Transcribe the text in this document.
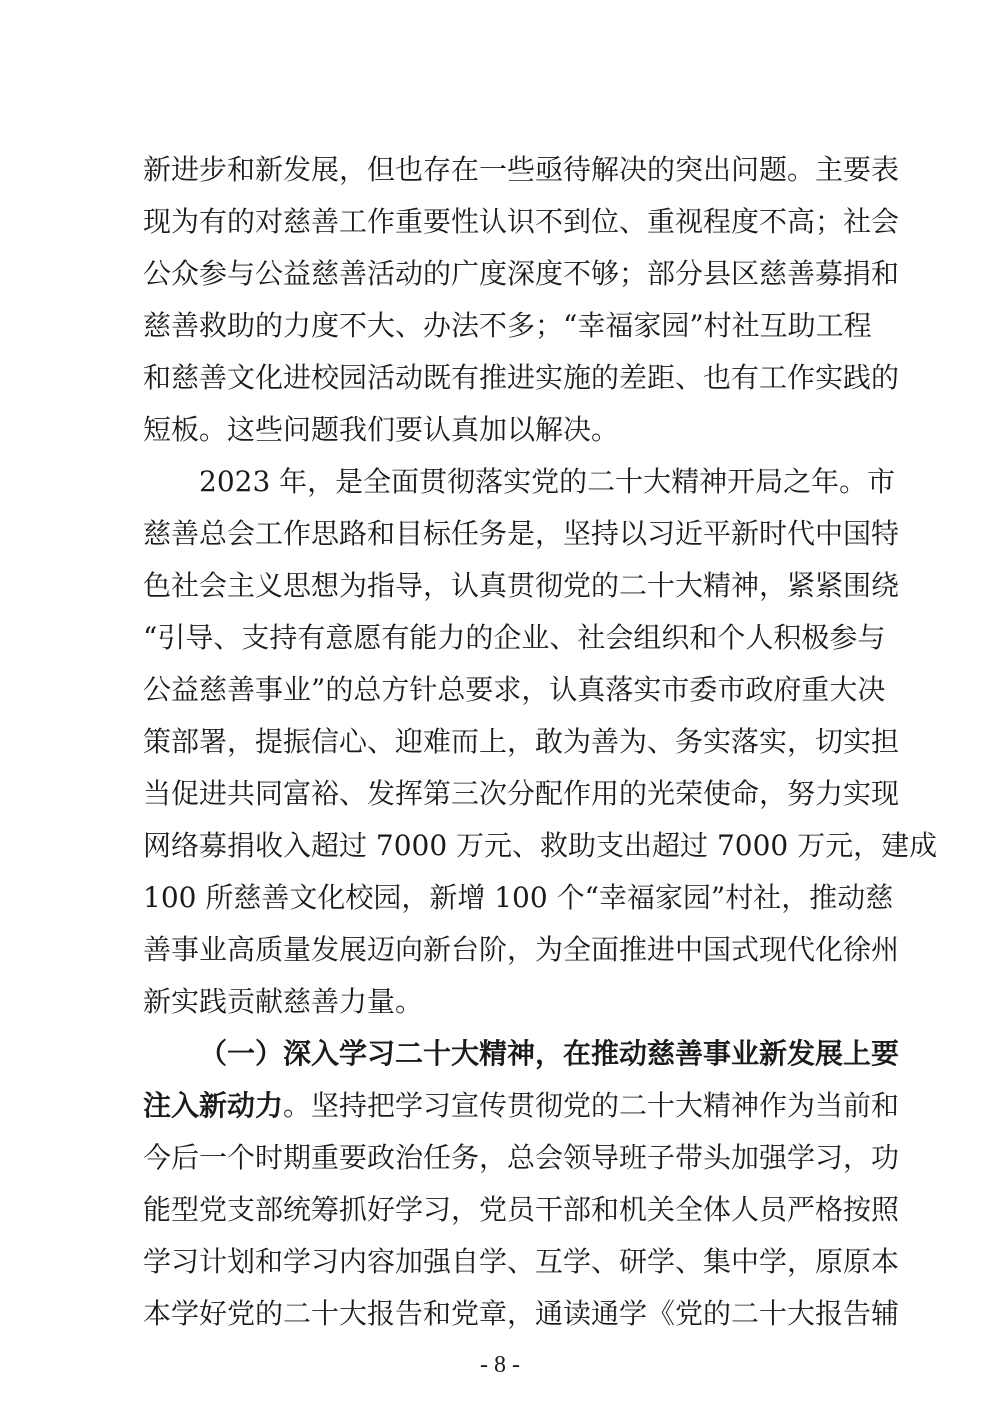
新进步和新发展，但也存在一些亟待解决的突出问题。主要表
现为有的对慈善工作重要性认识不到位、重视程度不高；社会
公众参与公益慈善活动的广度深度不够；部分县区慈善募捐和
慈善救助的力度不大、办法不多；“幸福家园”村社互助工程
和慈善文化进校园活动既有推进实施的差距、也有工作实践的
短板。这些问题我们要认真加以解决。
2023 年，是全面贯彻落实党的二十大精神开局之年。市
慈善总会工作思路和目标任务是，坚持以习近平新时代中国特
色社会主义思想为指导，认真贯彻党的二十大精神，紧紧围绕
“引导、支持有意愿有能力的企业、社会组织和个人积极参与
公益慈善事业”的总方针总要求，认真落实市委市政府重大决
策部署，提振信心、迎难而上，敢为善为、务实落实，切实担
当促进共同富裕、发挥第三次分配作用的光荣使命，努力实现
网络募捐收入超过 7000 万元、救助支出超过 7000 万元，建成
100 所慈善文化校园，新增 100 个“幸福家园”村社，推动慈
善事业高质量发展迈向新台阶，为全面推进中国式现代化徐州
新实践贡献慈善力量。
（一）深入学习二十大精神，在推动慈善事业新发展上要
注入新动力。坚持把学习宣传贯彻党的二十大精神作为当前和
今后一个时期重要政治任务，总会领导班子带头加强学习，功
能型党支部统筹抓好学习，党员干部和机关全体人员严格按照
学习计划和学习内容加强自学、互学、研学、集中学，原原本
本学好党的二十大报告和党章，通读通学《党的二十大报告辅
- 8 -
